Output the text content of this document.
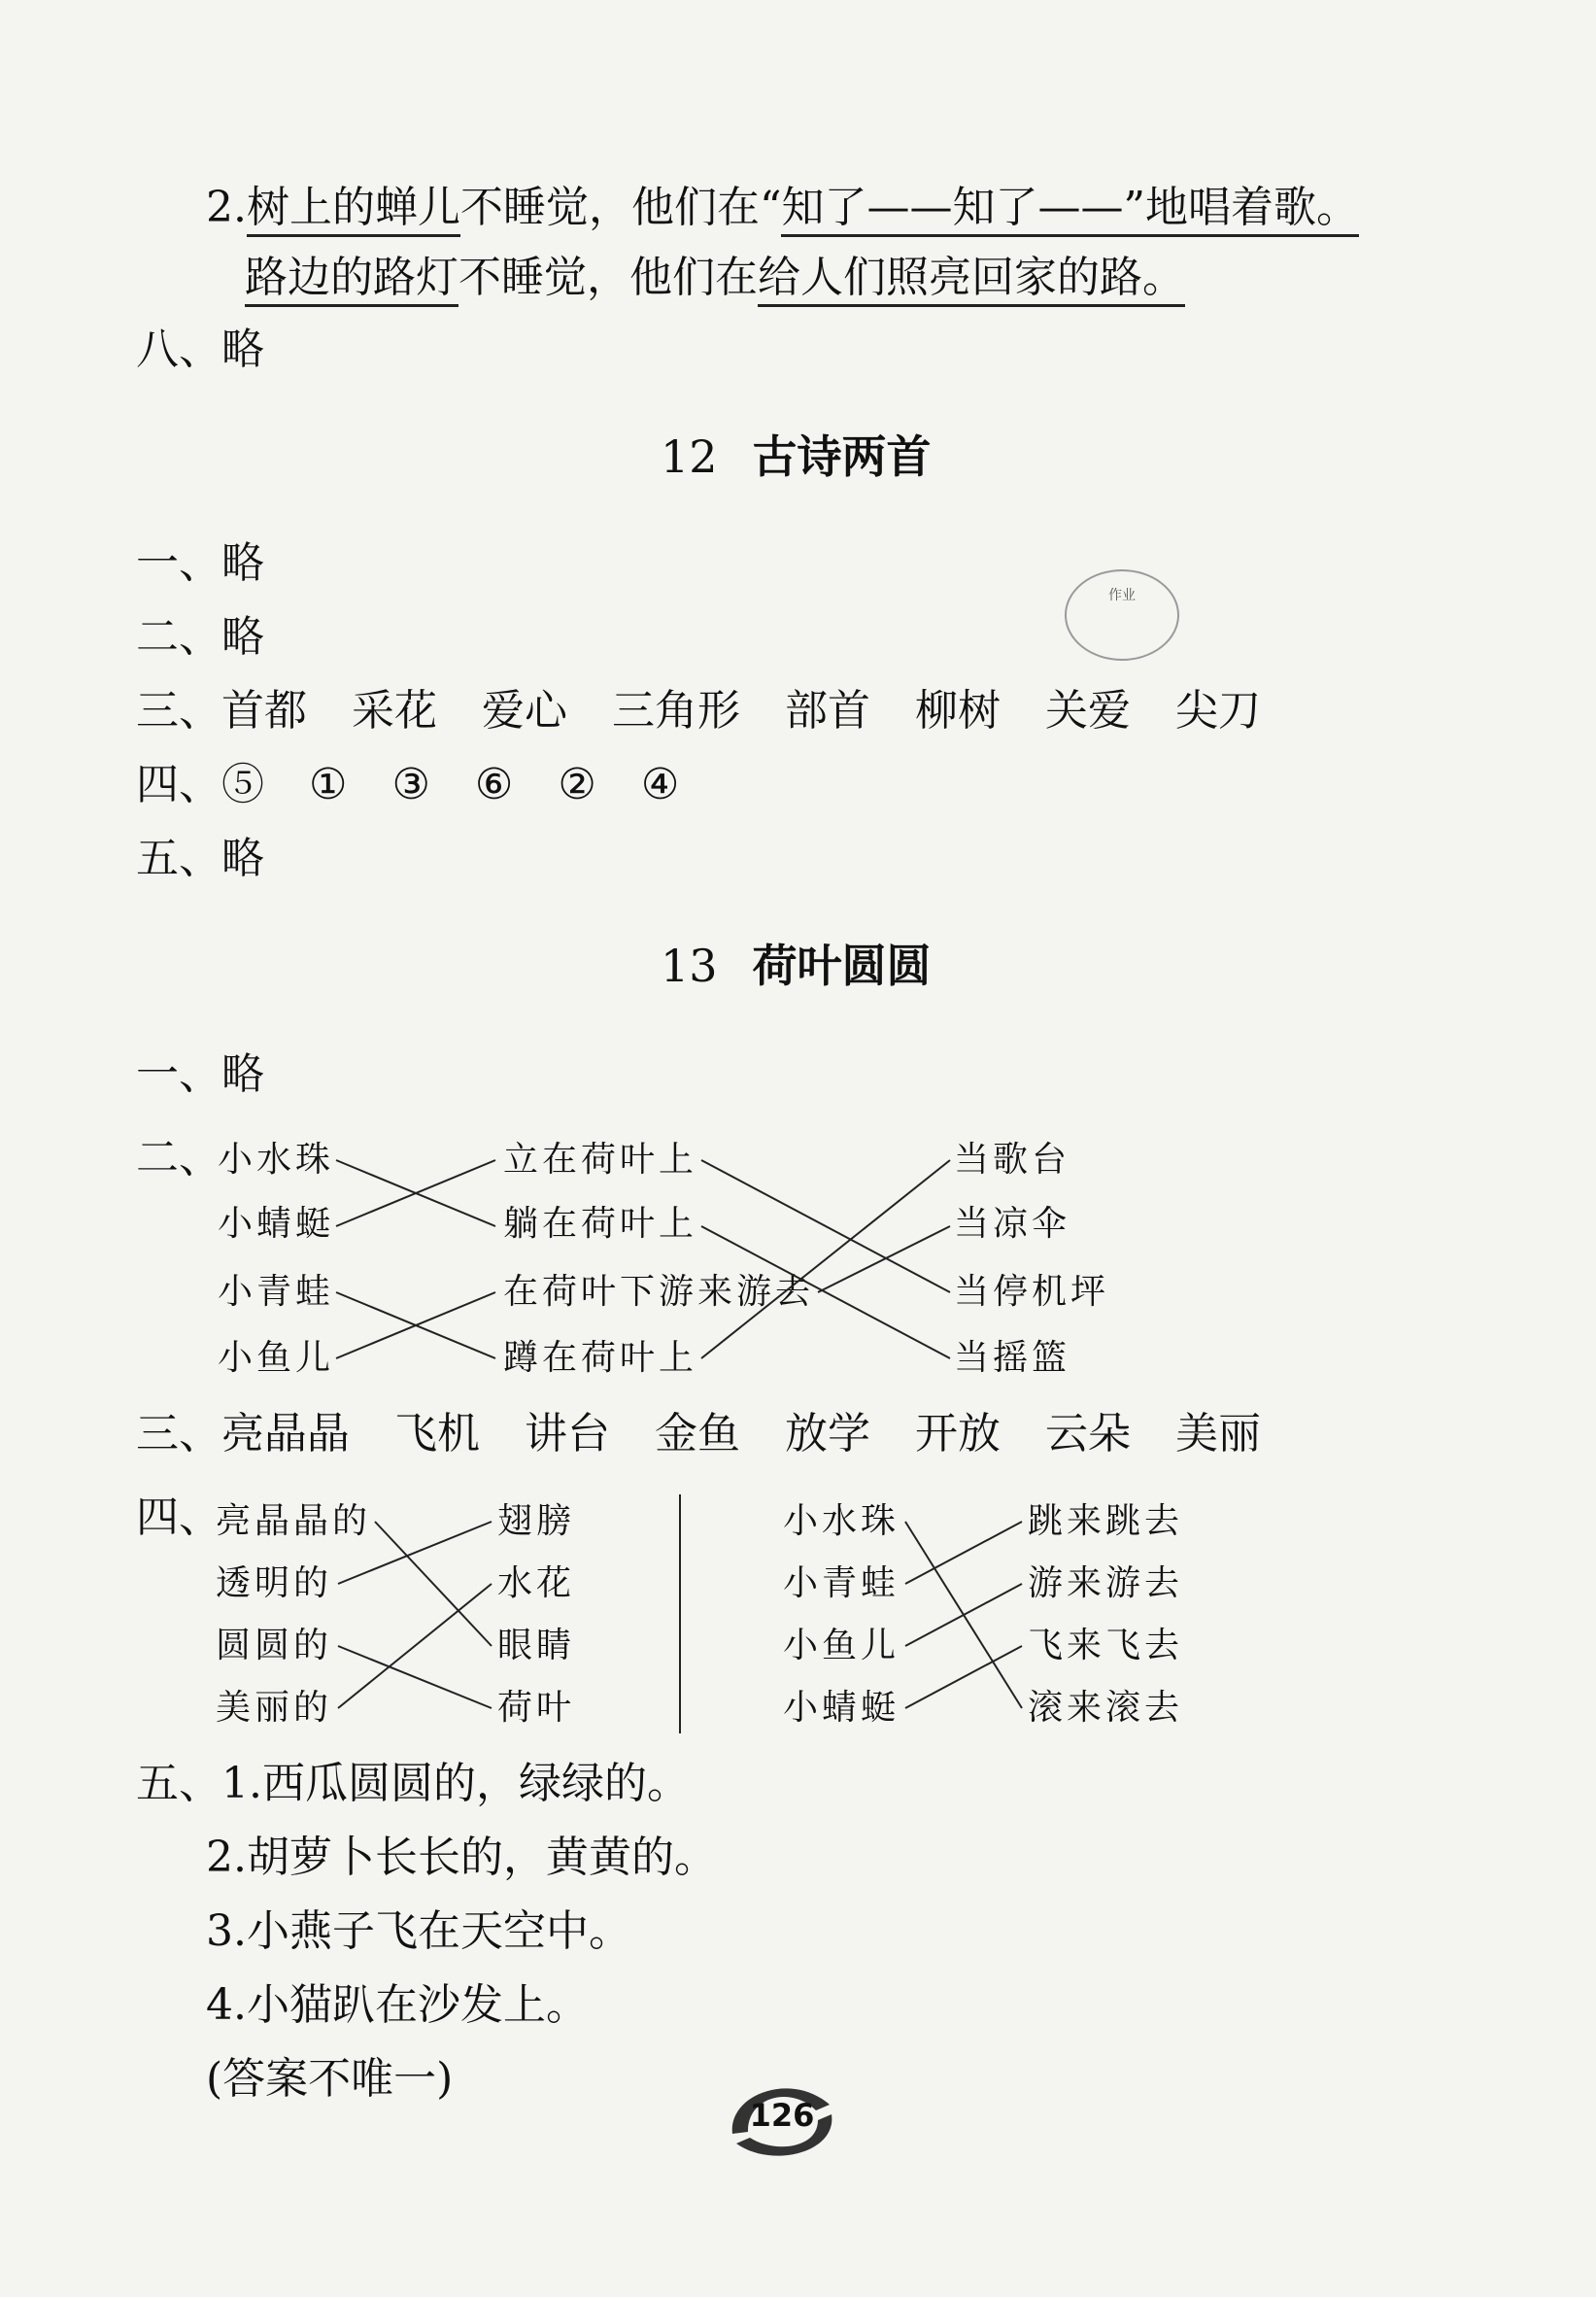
2.树上的蝉儿不睡觉，他们在“知了——知了——”地唱着歌。
路边的路灯不睡觉，他们在给人们照亮回家的路。
八、略
12 古诗两首
一、略
二、略
三、首都 采花 爱心 三角形 部首 柳树 关爱 尖刀
四、⑤ ① ③ ⑥ ② ④
五、略
13 荷叶圆圆
一、略
二、
小水珠
小蜻蜓
小青蛙
小鱼儿
立在荷叶上
躺在荷叶上
在荷叶下游来游去
蹲在荷叶上
当歌台
当凉伞
当停机坪
当摇篮
三、亮晶晶 飞机 讲台 金鱼 放学 开放 云朵 美丽
四、
亮晶晶的
透明的
圆圆的
美丽的
翅膀
水花
眼睛
荷叶
小水珠
小青蛙
小鱼儿
小蜻蜓
跳来跳去
游来游去
飞来飞去
滚来滚去
五、1.西瓜圆圆的，绿绿的。
2.胡萝卜长长的，黄黄的。
3.小燕子飞在天空中。
4.小猫趴在沙发上。
(答案不唯一)
作业
126
